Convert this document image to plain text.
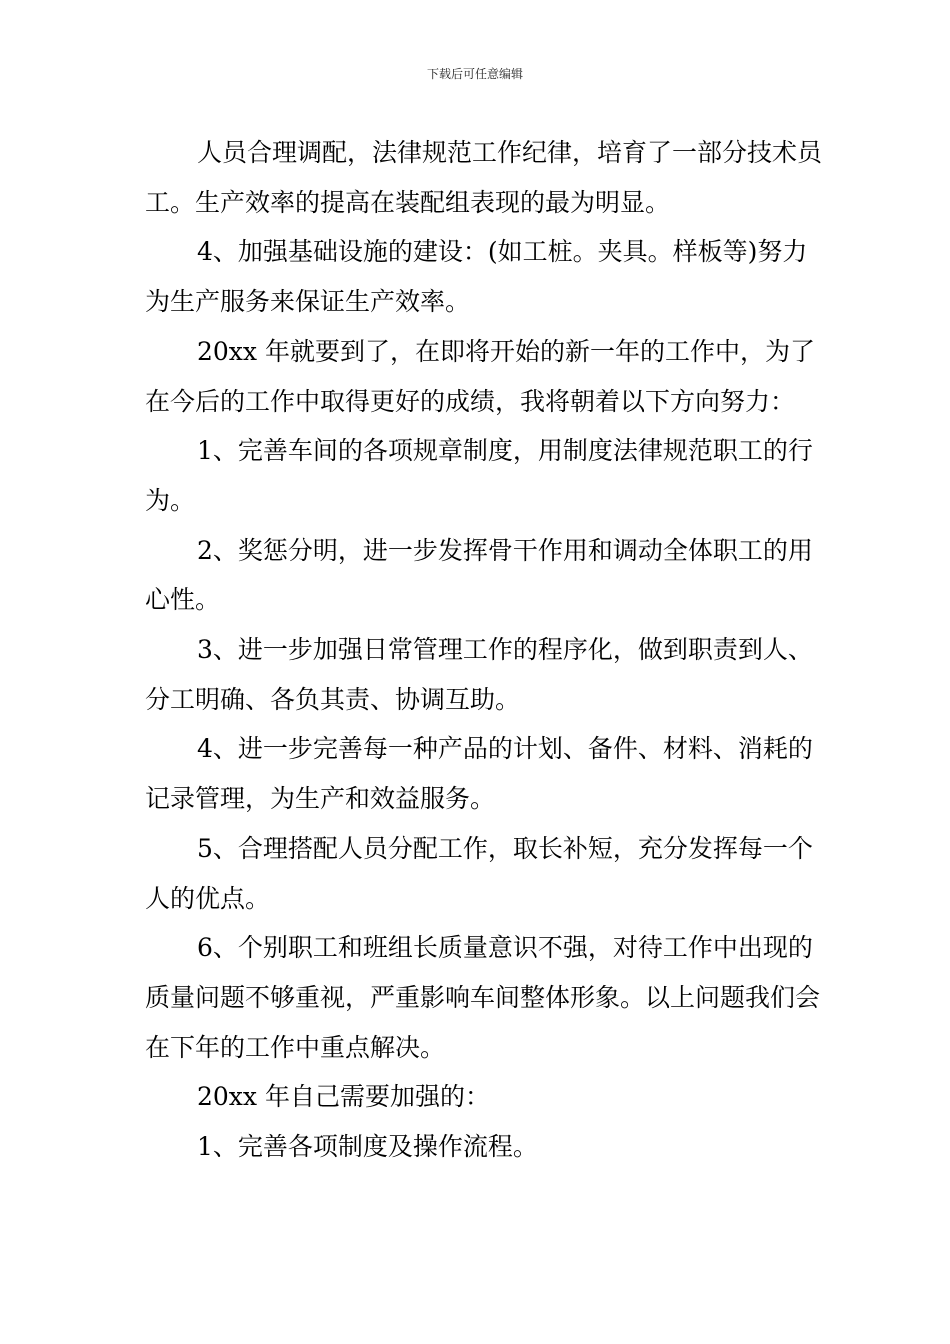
下载后可任意编辑

人员合理调配，法律规范工作纪律，培育了一部分技术员工。生产效率的提高在装配组表现的最为明显。

4、加强基础设施的建设：(如工桩。夹具。样板等)努力为生产服务来保证生产效率。

20xx 年就要到了，在即将开始的新一年的工作中，为了在今后的工作中取得更好的成绩，我将朝着以下方向努力：

1、完善车间的各项规章制度，用制度法律规范职工的行为。

2、奖惩分明，进一步发挥骨干作用和调动全体职工的用心性。

3、进一步加强日常管理工作的程序化，做到职责到人、分工明确、各负其责、协调互助。

4、进一步完善每一种产品的计划、备件、材料、消耗的记录管理，为生产和效益服务。

5、合理搭配人员分配工作，取长补短，充分发挥每一个人的优点。

6、个别职工和班组长质量意识不强，对待工作中出现的质量问题不够重视，严重影响车间整体形象。以上问题我们会在下年的工作中重点解决。

20xx 年自己需要加强的：

1、完善各项制度及操作流程。
